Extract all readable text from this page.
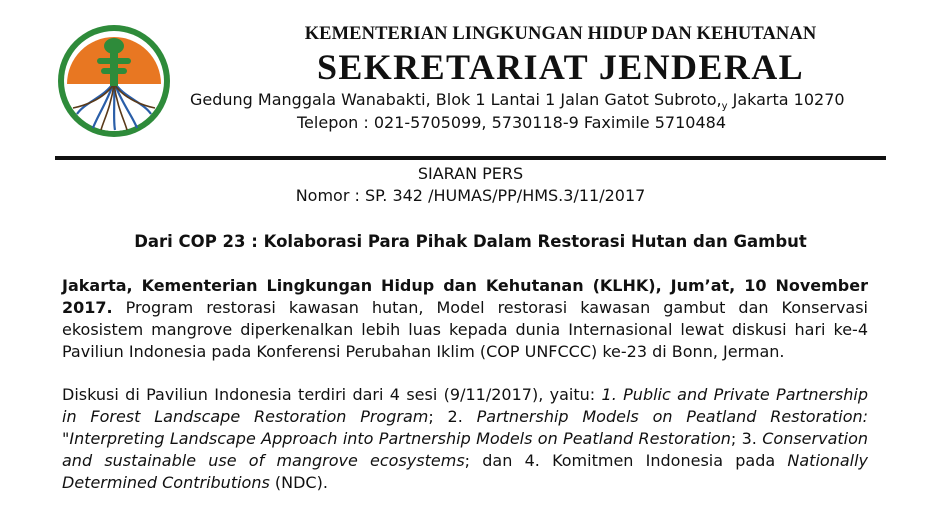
KEMENTERIAN LINGKUNGAN HIDUP DAN KEHUTANAN
SEKRETARIAT JENDERAL
Gedung Manggala Wanabakti, Blok 1 Lantai 1 Jalan Gatot $Subroto,_y$ Jakarta 10270
Telepon : 021-5705099, 5730118-9 Faximile 5710484
SIARAN PERS
Nomor : SP. 342 /HUMAS/PP/HMS.3/11/2017
Dari COP 23 : Kolaborasi Para Pihak Dalam Restorasi Hutan dan Gambut
Jakarta, Kementerian Lingkungan Hidup dan Kehutanan (KLHK), Jum’at, 10 November 2017. Program restorasi kawasan hutan, Model restorasi kawasan gambut dan Konservasi ekosistem mangrove diperkenalkan lebih luas kepada dunia Internasional lewat diskusi hari ke-4 Paviliun Indonesia pada Konferensi Perubahan Iklim (COP UNFCCC) ke-23 di Bonn, Jerman.
Diskusi di Paviliun Indonesia terdiri dari 4 sesi (9/11/2017), yaitu: 1. Public and Private Partnership in Forest Landscape Restoration Program; 2. Partnership Models on Peatland Restoration: "Interpreting Landscape Approach into Partnership Models on Peatland Restoration; 3. Conservation and sustainable use of mangrove ecosystems; dan 4. Komitmen Indonesia pada Nationally Determined Contributions (NDC).
